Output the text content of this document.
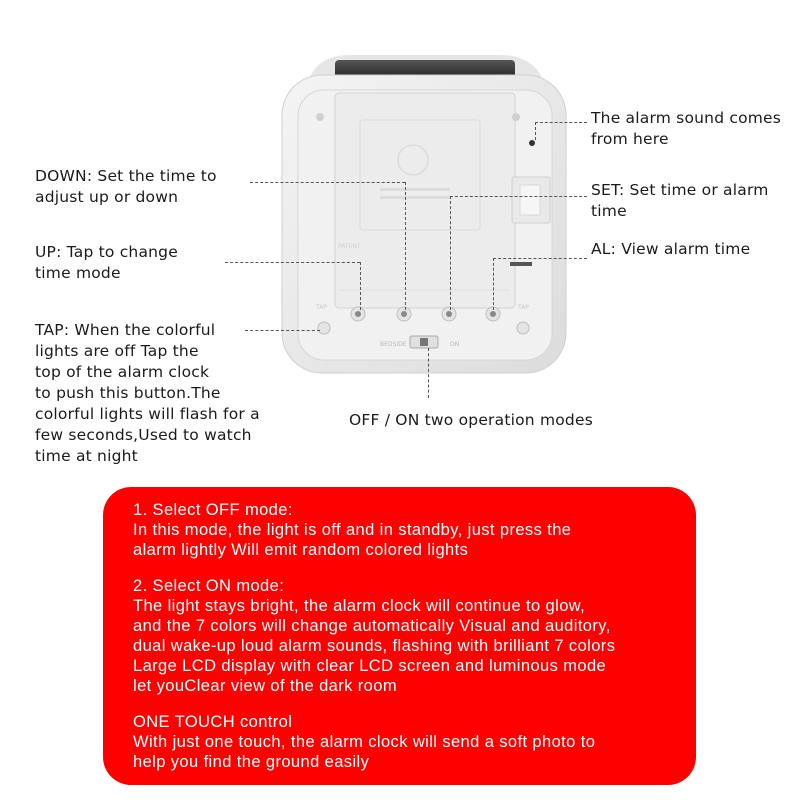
PATENT
TAP	TAP
BEDSIDE	ON
The alarm sound comes
from here
DOWN: Set the time to
adjust up or down	SET: Set time or alarm
time
UP: Tap to change
time mode
AL: View alarm time
TAP: When the colorful
lights are off Tap the
top of the alarm clock
to push this button.The
colorful lights will flash for a
few seconds,Used to watch
time at night
OFF / ON two operation modes
1. Select OFF mode:
In this mode, the light is off and in standby, just press the
alarm lightly Will emit random colored lights
2. Select ON mode:
The light stays bright, the alarm clock will continue to glow,
and the 7 colors will change automatically Visual and auditory,
dual wake-up loud alarm sounds, flashing with brilliant 7 colors
Large LCD display with clear LCD screen and luminous mode
let youClear view of the dark room
ONE TOUCH control
With just one touch, the alarm clock will send a soft photo to
help you find the ground easily
